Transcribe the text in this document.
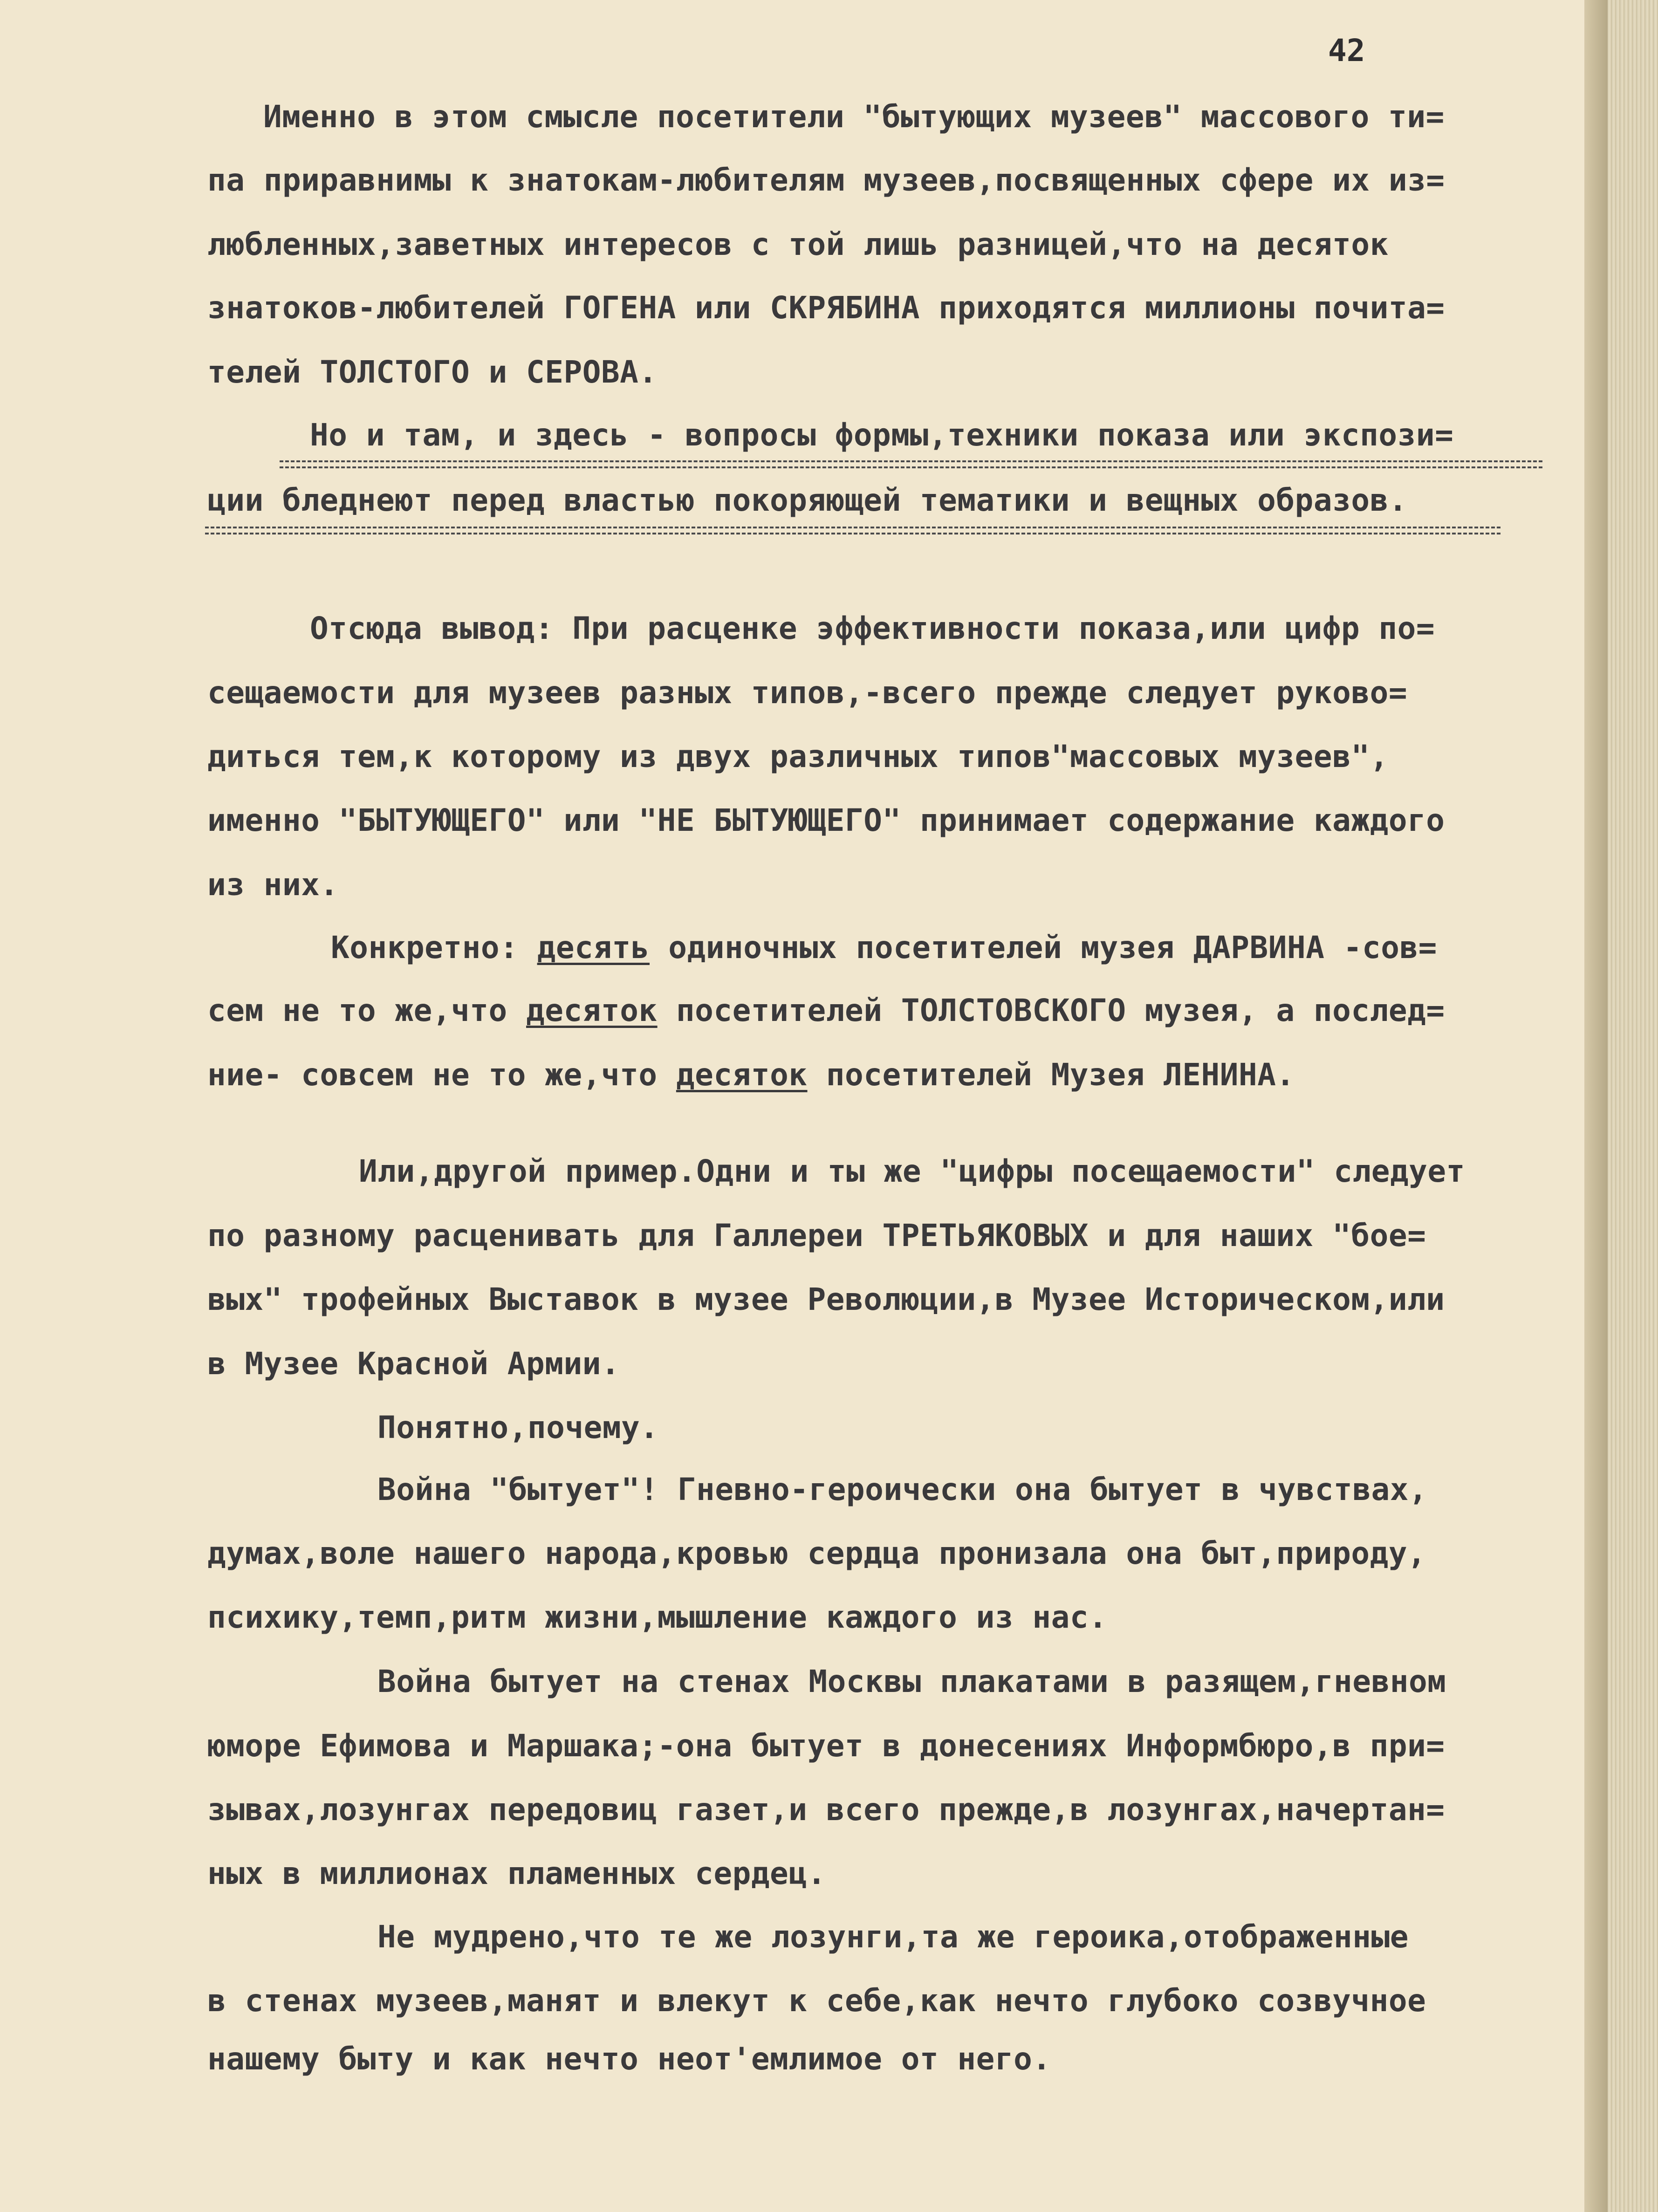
42
Именно в этом смысле посетители "бытующих музеев" массового ти=
па приравнимы к знатокам-любителям музеев,посвященных сфере их из=
любленных,заветных интересов с той лишь разницей,что на десяток
знатоков-любителей ГОГЕНА или СКРЯБИНА приходятся миллионы почита=
телей ТОЛСТОГО и СЕРОВА.
Но и там, и здесь - вопросы формы,техники показа или экспози=
ции бледнеют перед властью покоряющей тематики и вещных образов.
Отсюда вывод: При расценке эффективности показа,или цифр по=
сещаемости для музеев разных типов,-всего прежде следует руково=
диться тем,к которому из двух различных типов"массовых музеев",
именно "БЫТУЮЩЕГО" или "НЕ БЫТУЮЩЕГО" принимает содержание каждого
из них.
Конкретно: десять одиночных посетителей музея ДАРВИНА -сов=
сем не то же,что десяток посетителей ТОЛСТОВСКОГО музея, а послед=
ние- совсем не то же,что десяток посетителей Музея ЛЕНИНА.
Или,другой пример.Одни и ты же "цифры посещаемости" следует
по разному расценивать для Галлереи ТРЕТЬЯКОВЫХ и для наших "бое=
вых" трофейных Выставок в музее Революции,в Музее Историческом,или
в Музее Красной Армии.
Понятно,почему.
Война "бытует"! Гневно-героически она бытует в чувствах,
думах,воле нашего народа,кровью сердца пронизала она быт,природу,
психику,темп,ритм жизни,мышление каждого из нас.
Война бытует на стенах Москвы плакатами в разящем,гневном
юморе Ефимова и Маршака;-она бытует в донесениях Информбюро,в при=
зывах,лозунгах передовиц газет,и всего прежде,в лозунгах,начертан=
ных в миллионах пламенных сердец.
Не мудрено,что те же лозунги,та же героика,отображенные
в стенах музеев,манят и влекут к себе,как нечто глубоко созвучное
нашему быту и как нечто неот'емлимое от него.
